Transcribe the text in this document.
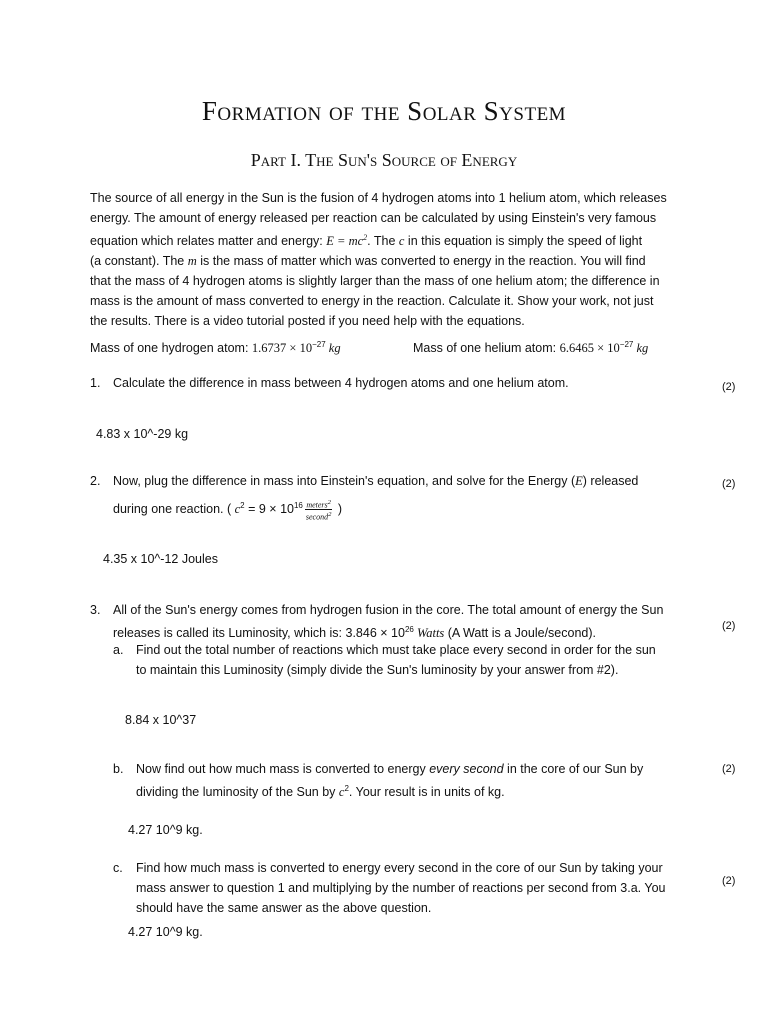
Formation of the Solar System
Part I. The Sun's Source of Energy
The source of all energy in the Sun is the fusion of 4 hydrogen atoms into 1 helium atom, which releases
energy. The amount of energy released per reaction can be calculated by using Einstein's very famous
equation which relates matter and energy: $E = mc^2$. The c in this equation is simply the speed of light
(a constant). The m is the mass of matter which was converted to energy in the reaction. You will find
that the mass of 4 hydrogen atoms is slightly larger than the mass of one helium atom; the difference in
mass is the amount of mass converted to energy in the reaction. Calculate it. Show your work, not just
the results. There is a video tutorial posted if you need help with the equations.
Mass of one hydrogen atom: $1.6737 \times 10^{-27}$ kg	Mass of one helium atom: $6.6465 \times 10^{-27}$ kg
1. Calculate the difference in mass between 4 hydrogen atoms and one helium atom.	(2)
4.83 x 10^-29 kg
2. Now, plug the difference in mass into Einstein's equation, and solve for the Energy (E) released	(2)
during one reaction. ( $c^2 = 9 \times 10^{16} \frac{meters^2}{second^2}$ )
4.35 x 10^-12 Joules
3. All of the Sun's energy comes from hydrogen fusion in the core. The total amount of energy the Sun
releases is called its Luminosity, which is: $3.846 \times 10^{26}$ Watts (A Watt is a Joule/second).
(2)
a. Find out the total number of reactions which must take place every second in order for the sun
to maintain this Luminosity (simply divide the Sun's luminosity by your answer from #2).
8.84 x 10^37
b. Now find out how much mass is converted to energy every second in the core of our Sun by
dividing the luminosity of the Sun by $c^2$. Your result is in units of kg.
(2)
4.27 10^9 kg.
c. Find how much mass is converted to energy every second in the core of our Sun by taking your
mass answer to question 1 and multiplying by the number of reactions per second from 3.a. You
should have the same answer as the above question.
(2)
4.27 10^9 kg.
